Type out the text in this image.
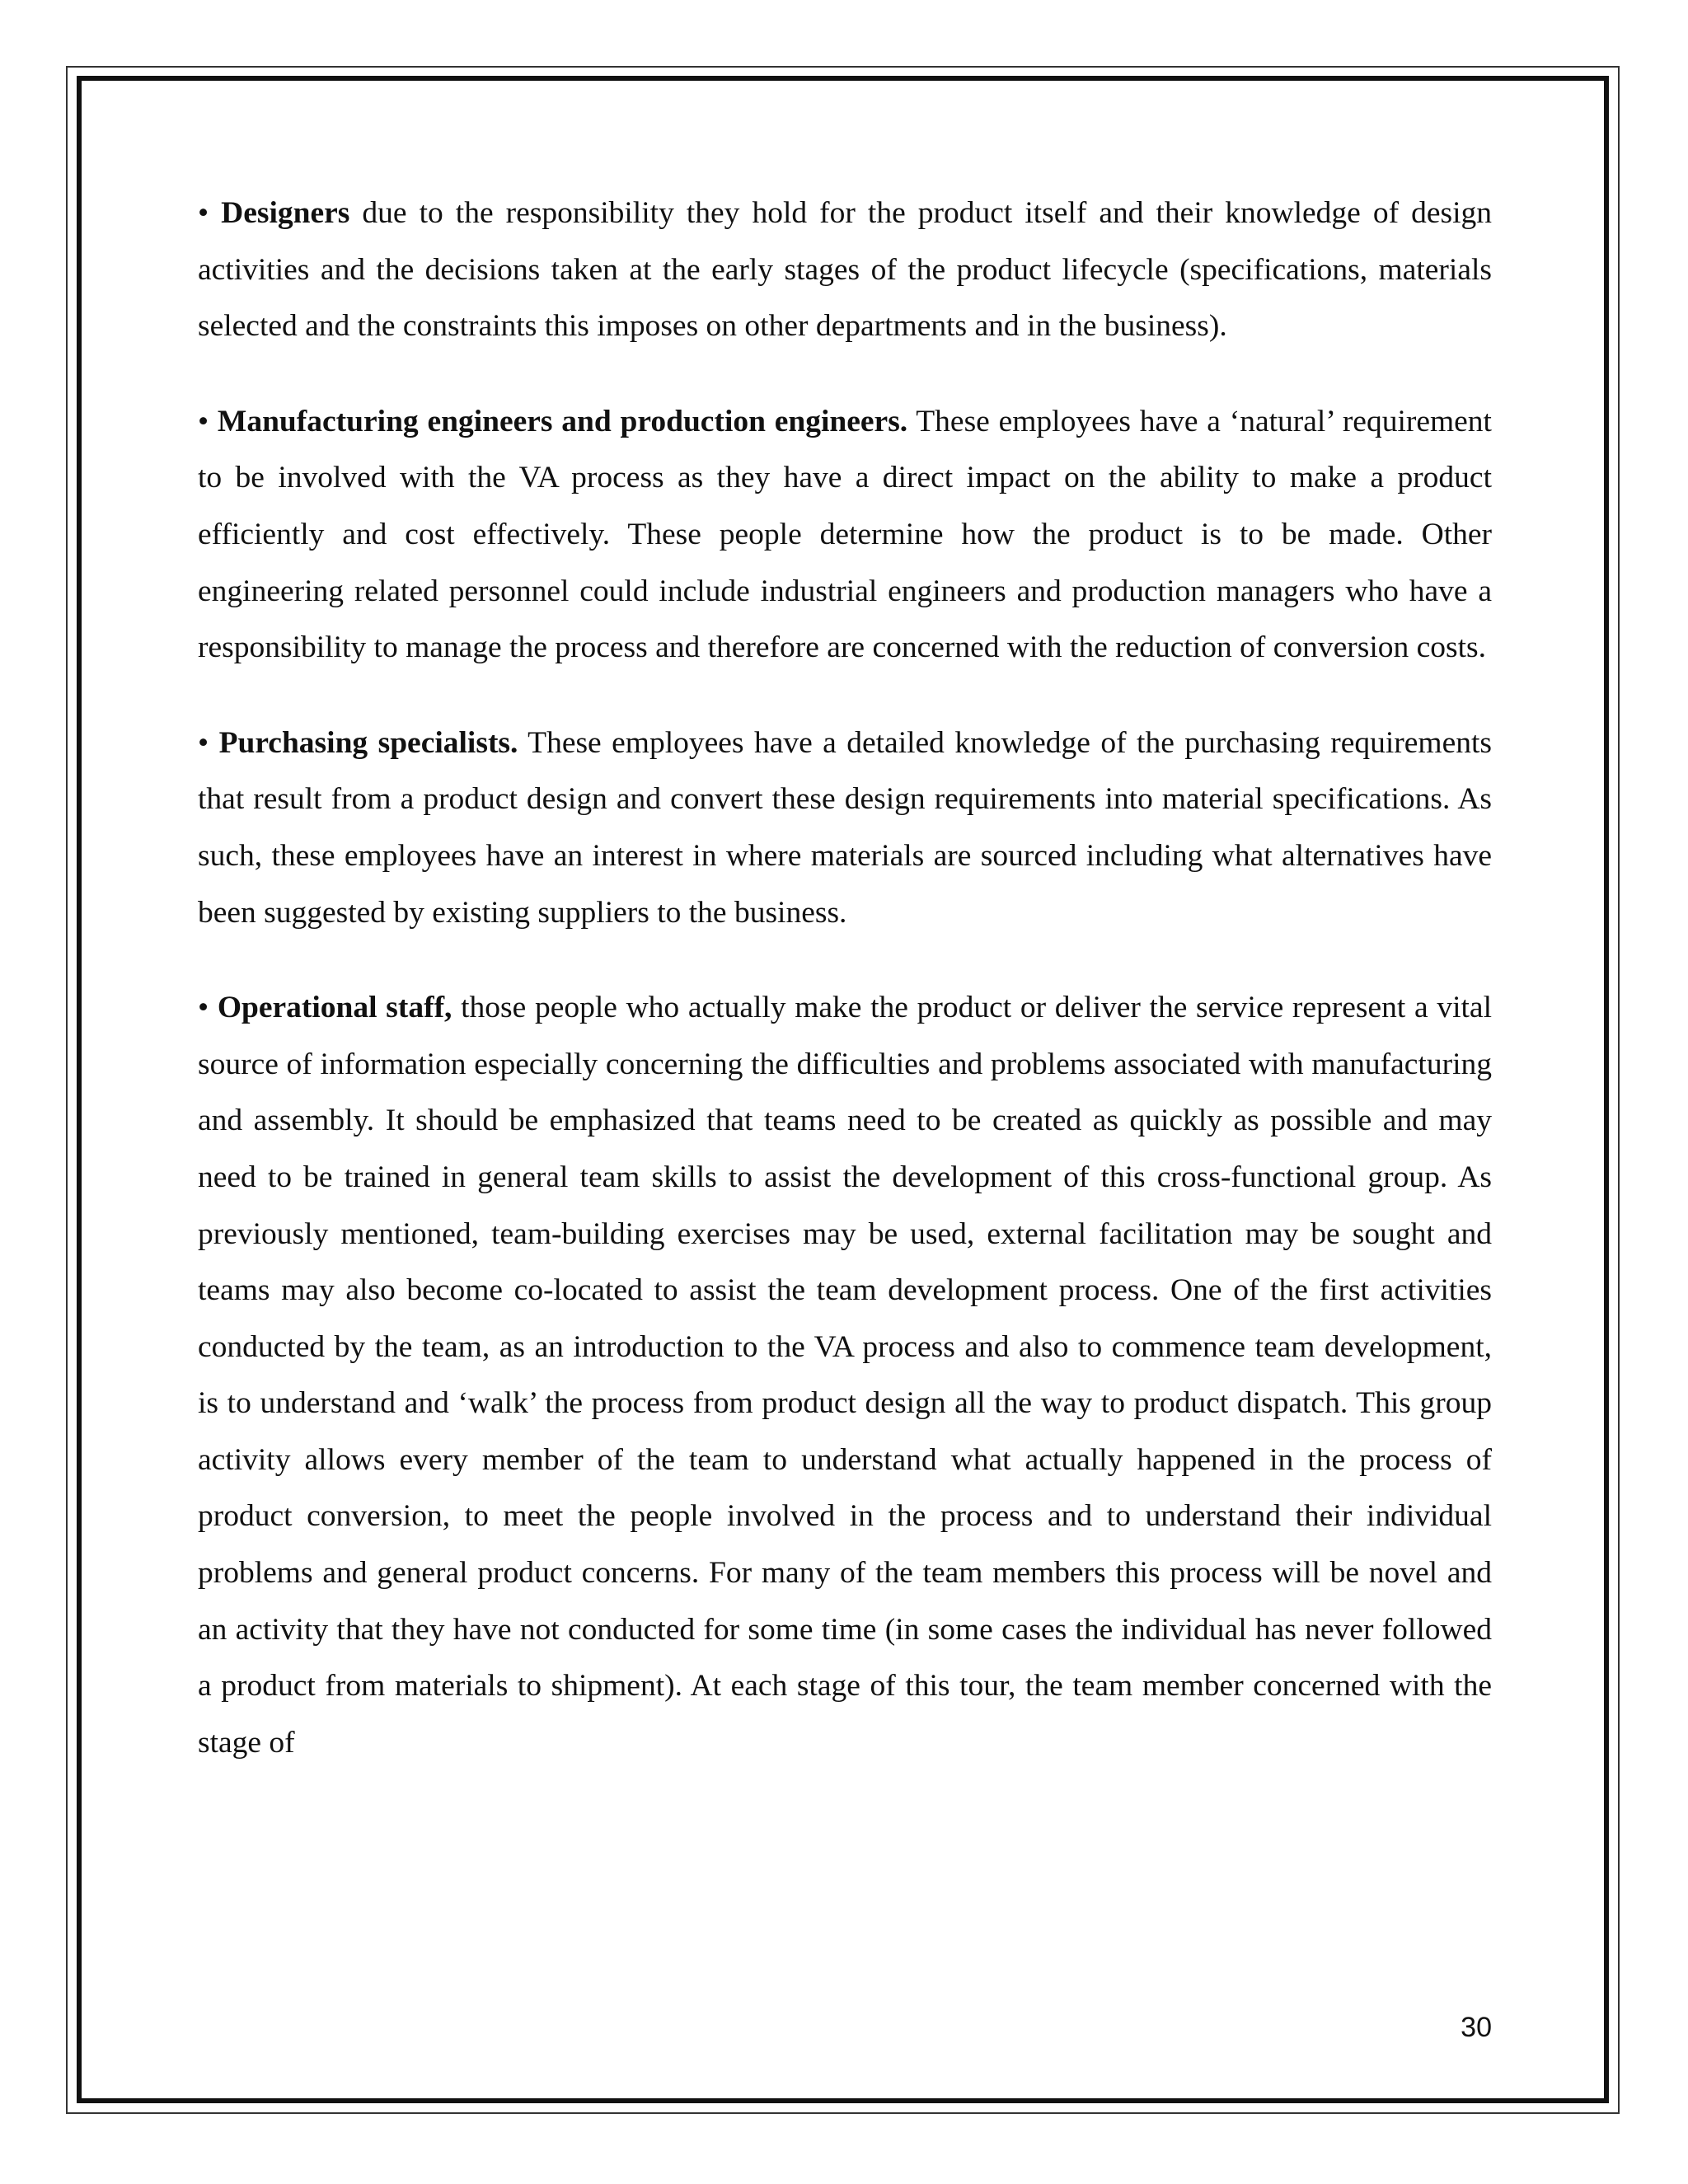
• Designers due to the responsibility they hold for the product itself and their knowledge of design activities and the decisions taken at the early stages of the product lifecycle (specifications, materials selected and the constraints this imposes on other departments and in the business).

• Manufacturing engineers and production engineers. These employees have a ‘natural’ requirement to be involved with the VA process as they have a direct impact on the ability to make a product efficiently and cost effectively. These people determine how the product is to be made. Other engineering related personnel could include industrial engineers and production managers who have a responsibility to manage the process and therefore are concerned with the reduction of conversion costs.

• Purchasing specialists. These employees have a detailed knowledge of the purchasing requirements that result from a product design and convert these design requirements into material specifications. As such, these employees have an interest in where materials are sourced including what alternatives have been suggested by existing suppliers to the business.

• Operational staff, those people who actually make the product or deliver the service represent a vital source of information especially concerning the difficulties and problems associated with manufacturing and assembly. It should be emphasized that teams need to be created as quickly as possible and may need to be trained in general team skills to assist the development of this cross-functional group. As previously mentioned, team-building exercises may be used, external facilitation may be sought and teams may also become co-located to assist the team development process. One of the first activities conducted by the team, as an introduction to the VA process and also to commence team development, is to understand and ‘walk’ the process from product design all the way to product dispatch. This group activity allows every member of the team to understand what actually happened in the process of product conversion, to meet the people involved in the process and to understand their individual problems and general product concerns. For many of the team members this process will be novel and an activity that they have not conducted for some time (in some cases the individual has never followed a product from materials to shipment). At each stage of this tour, the team member concerned with the stage of

30
